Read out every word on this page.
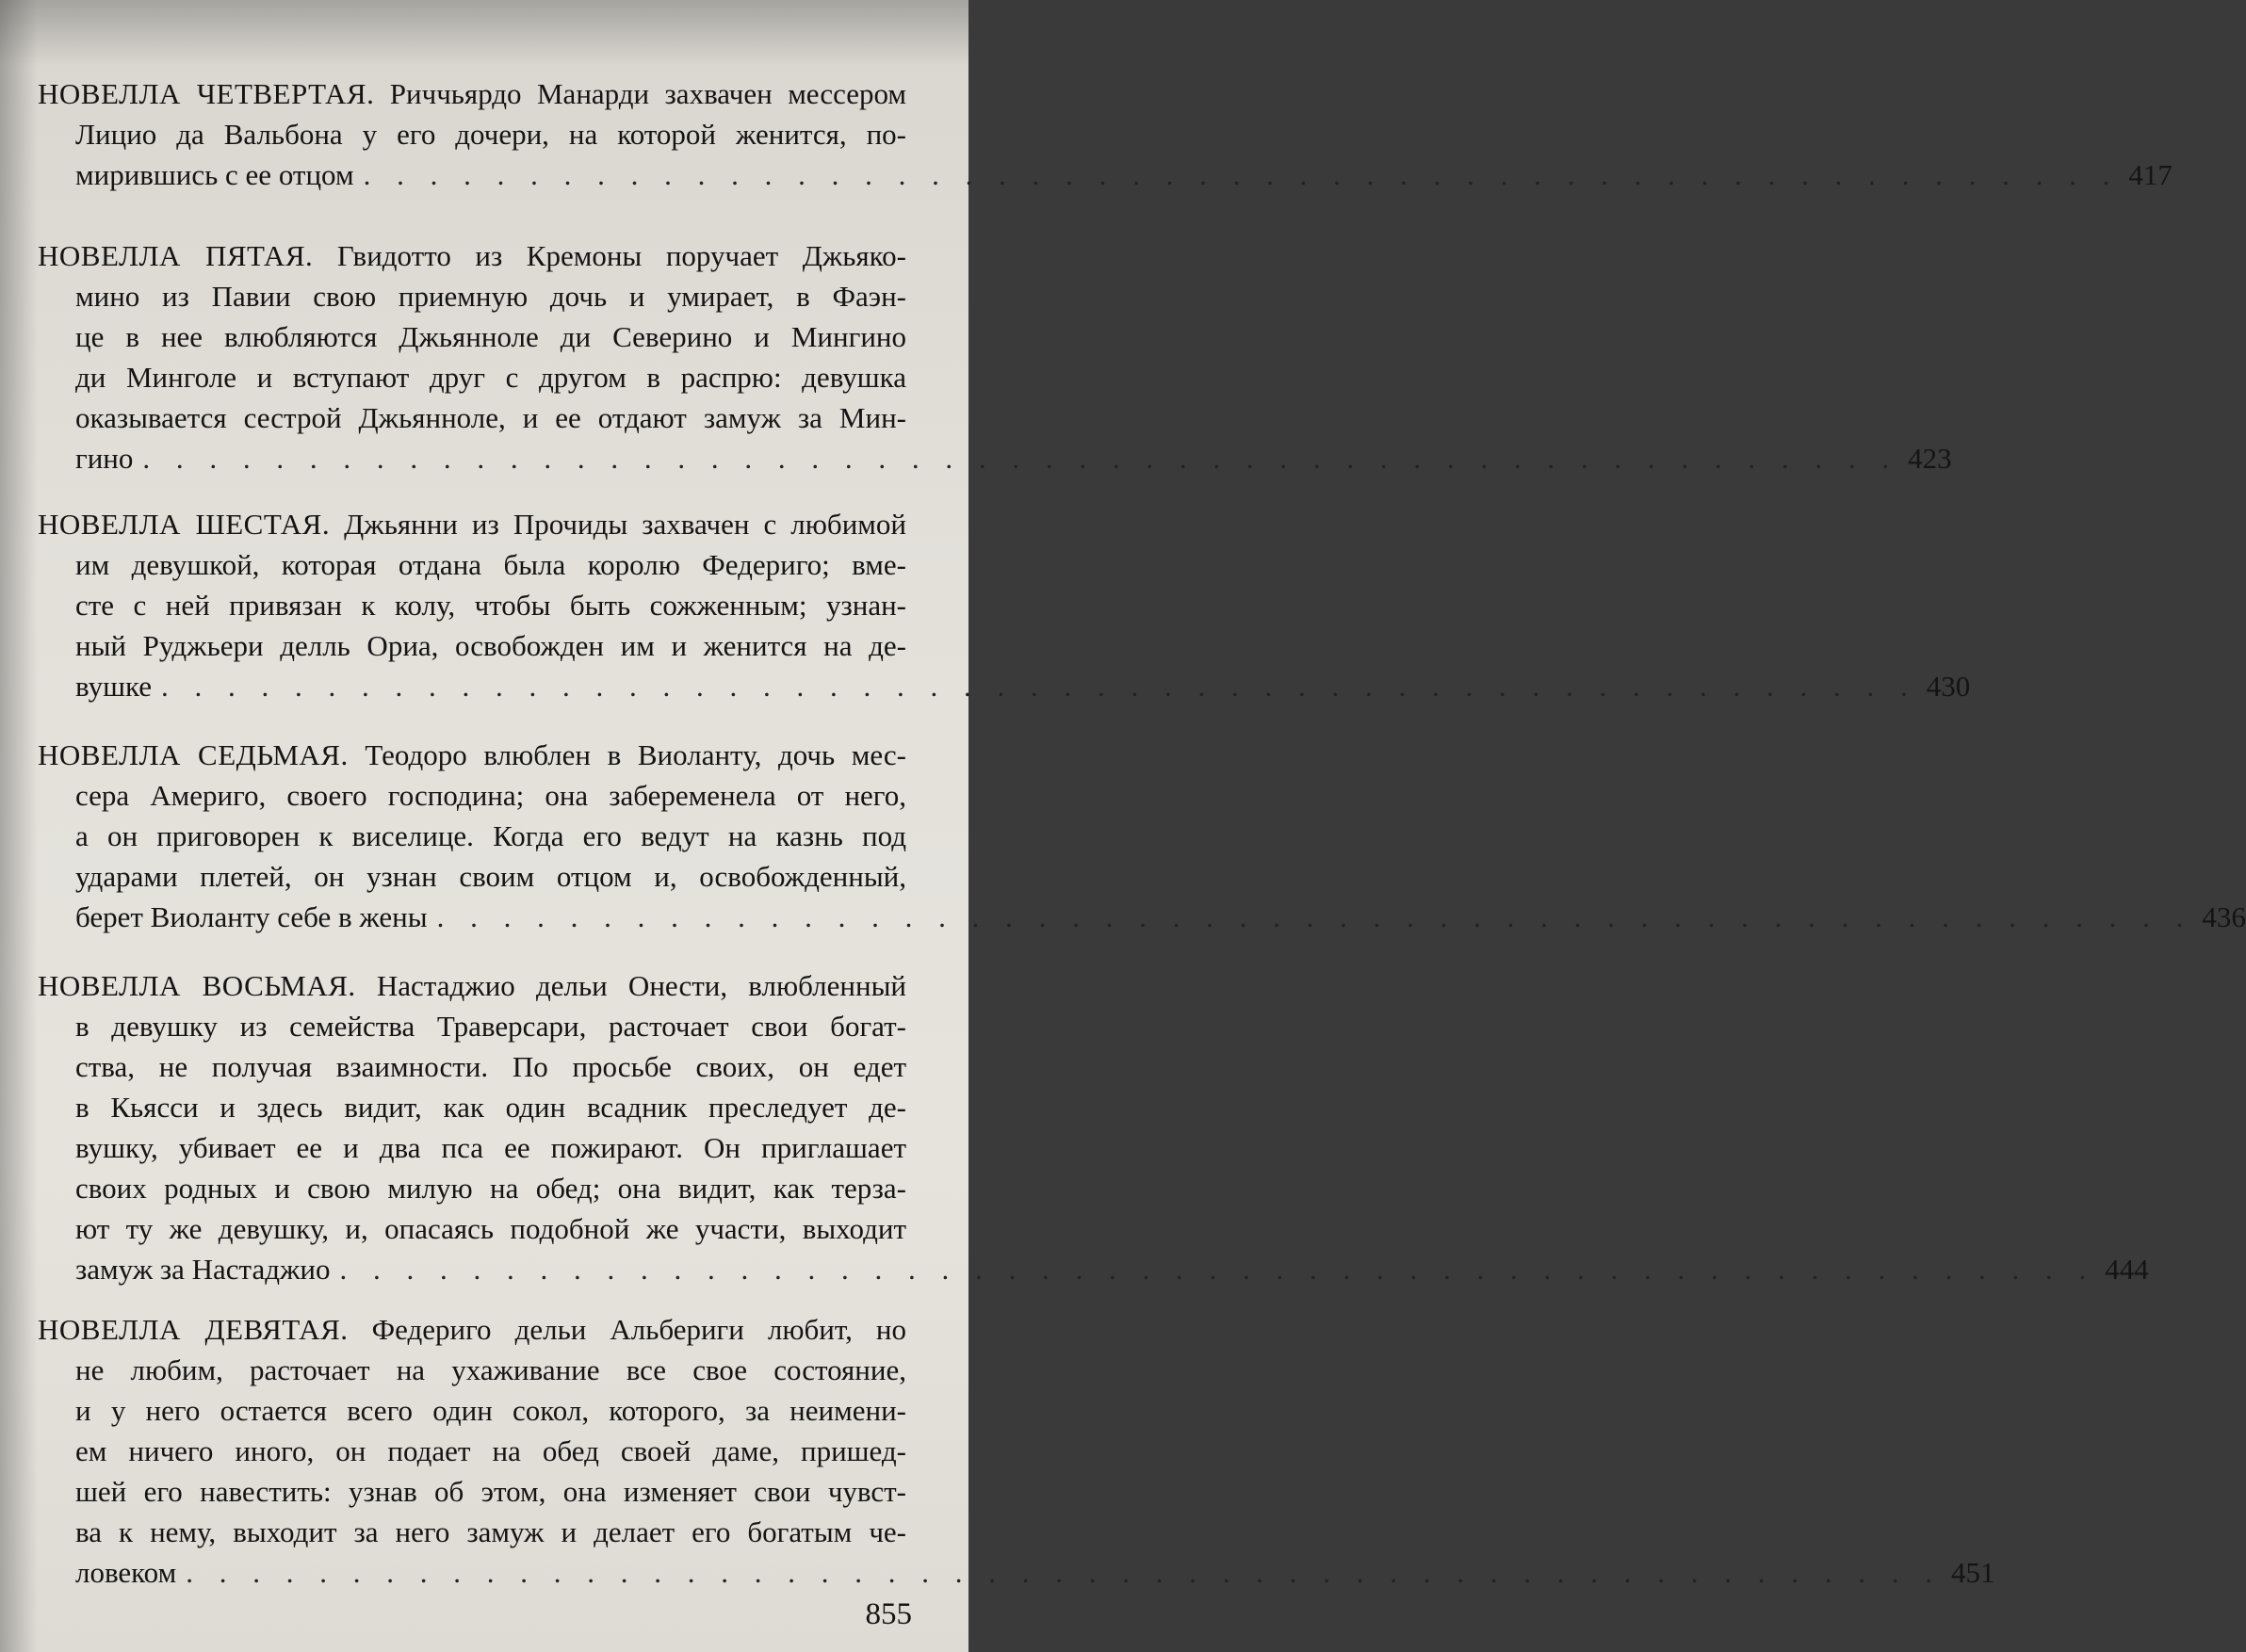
НОВЕЛЛА ЧЕТВЕРТАЯ. Риччьярдо Манарди захвачен мессером
Лицио да Вальбона у его дочери, на которой женится, по-
мирившись с ее отцом . . . . . . . . . . . . . . . . . . . . . . . . . . . . . . . . . . . . . . . . . . . . . . . . . . . . . 417
НОВЕЛЛА ПЯТАЯ. Гвидотто из Кремоны поручает Джьяко-
мино из Павии свою приемную дочь и умирает, в Фаэн-
це в нее влюбляются Джьянноле ди Северино и Мингино
ди Минголе и вступают друг с другом в распрю: девушка
оказывается сестрой Джьянноле, и ее отдают замуж за Мин-
гино . . . . . . . . . . . . . . . . . . . . . . . . . . . . . . . . . . . . . . . . . . . . . . . . . . . . . 423
НОВЕЛЛА ШЕСТАЯ. Джьянни из Прочиды захвачен с любимой
им девушкой, которая отдана была королю Федериго; вме-
сте с ней привязан к колу, чтобы быть сожженным; узнан-
ный Руджьери делль Ориа, освобожден им и женится на де-
вушке . . . . . . . . . . . . . . . . . . . . . . . . . . . . . . . . . . . . . . . . . . . . . . . . . . . . . 430
НОВЕЛЛА СЕДЬМАЯ. Теодоро влюблен в Виоланту, дочь мес-
сера Америго, своего господина; она забеременела от него,
а он приговорен к виселице. Когда его ведут на казнь под
ударами плетей, он узнан своим отцом и, освобожденный,
берет Виоланту себе в жены . . . . . . . . . . . . . . . . . . . . . . . . . . . . . . . . . . . . . . . . . . . . . . . . . . . . . 436
НОВЕЛЛА ВОСЬМАЯ. Настаджио дельи Онести, влюбленный
в девушку из семейства Траверсари, расточает свои богат-
ства, не получая взаимности. По просьбе своих, он едет
в Кьясси и здесь видит, как один всадник преследует де-
вушку, убивает ее и два пса ее пожирают. Он приглашает
своих родных и свою милую на обед; она видит, как терза-
ют ту же девушку, и, опасаясь подобной же участи, выходит
замуж за Настаджио . . . . . . . . . . . . . . . . . . . . . . . . . . . . . . . . . . . . . . . . . . . . . . . . . . . . . 444
НОВЕЛЛА ДЕВЯТАЯ. Федериго дельи Альбериги любит, но
не любим, расточает на ухаживание все свое состояние,
и у него остается всего один сокол, которого, за неимени-
ем ничего иного, он подает на обед своей даме, пришед-
шей его навестить: узнав об этом, она изменяет свои чувст-
ва к нему, выходит за него замуж и делает его богатым че-
ловеком . . . . . . . . . . . . . . . . . . . . . . . . . . . . . . . . . . . . . . . . . . . . . . . . . . . . . 451
855
